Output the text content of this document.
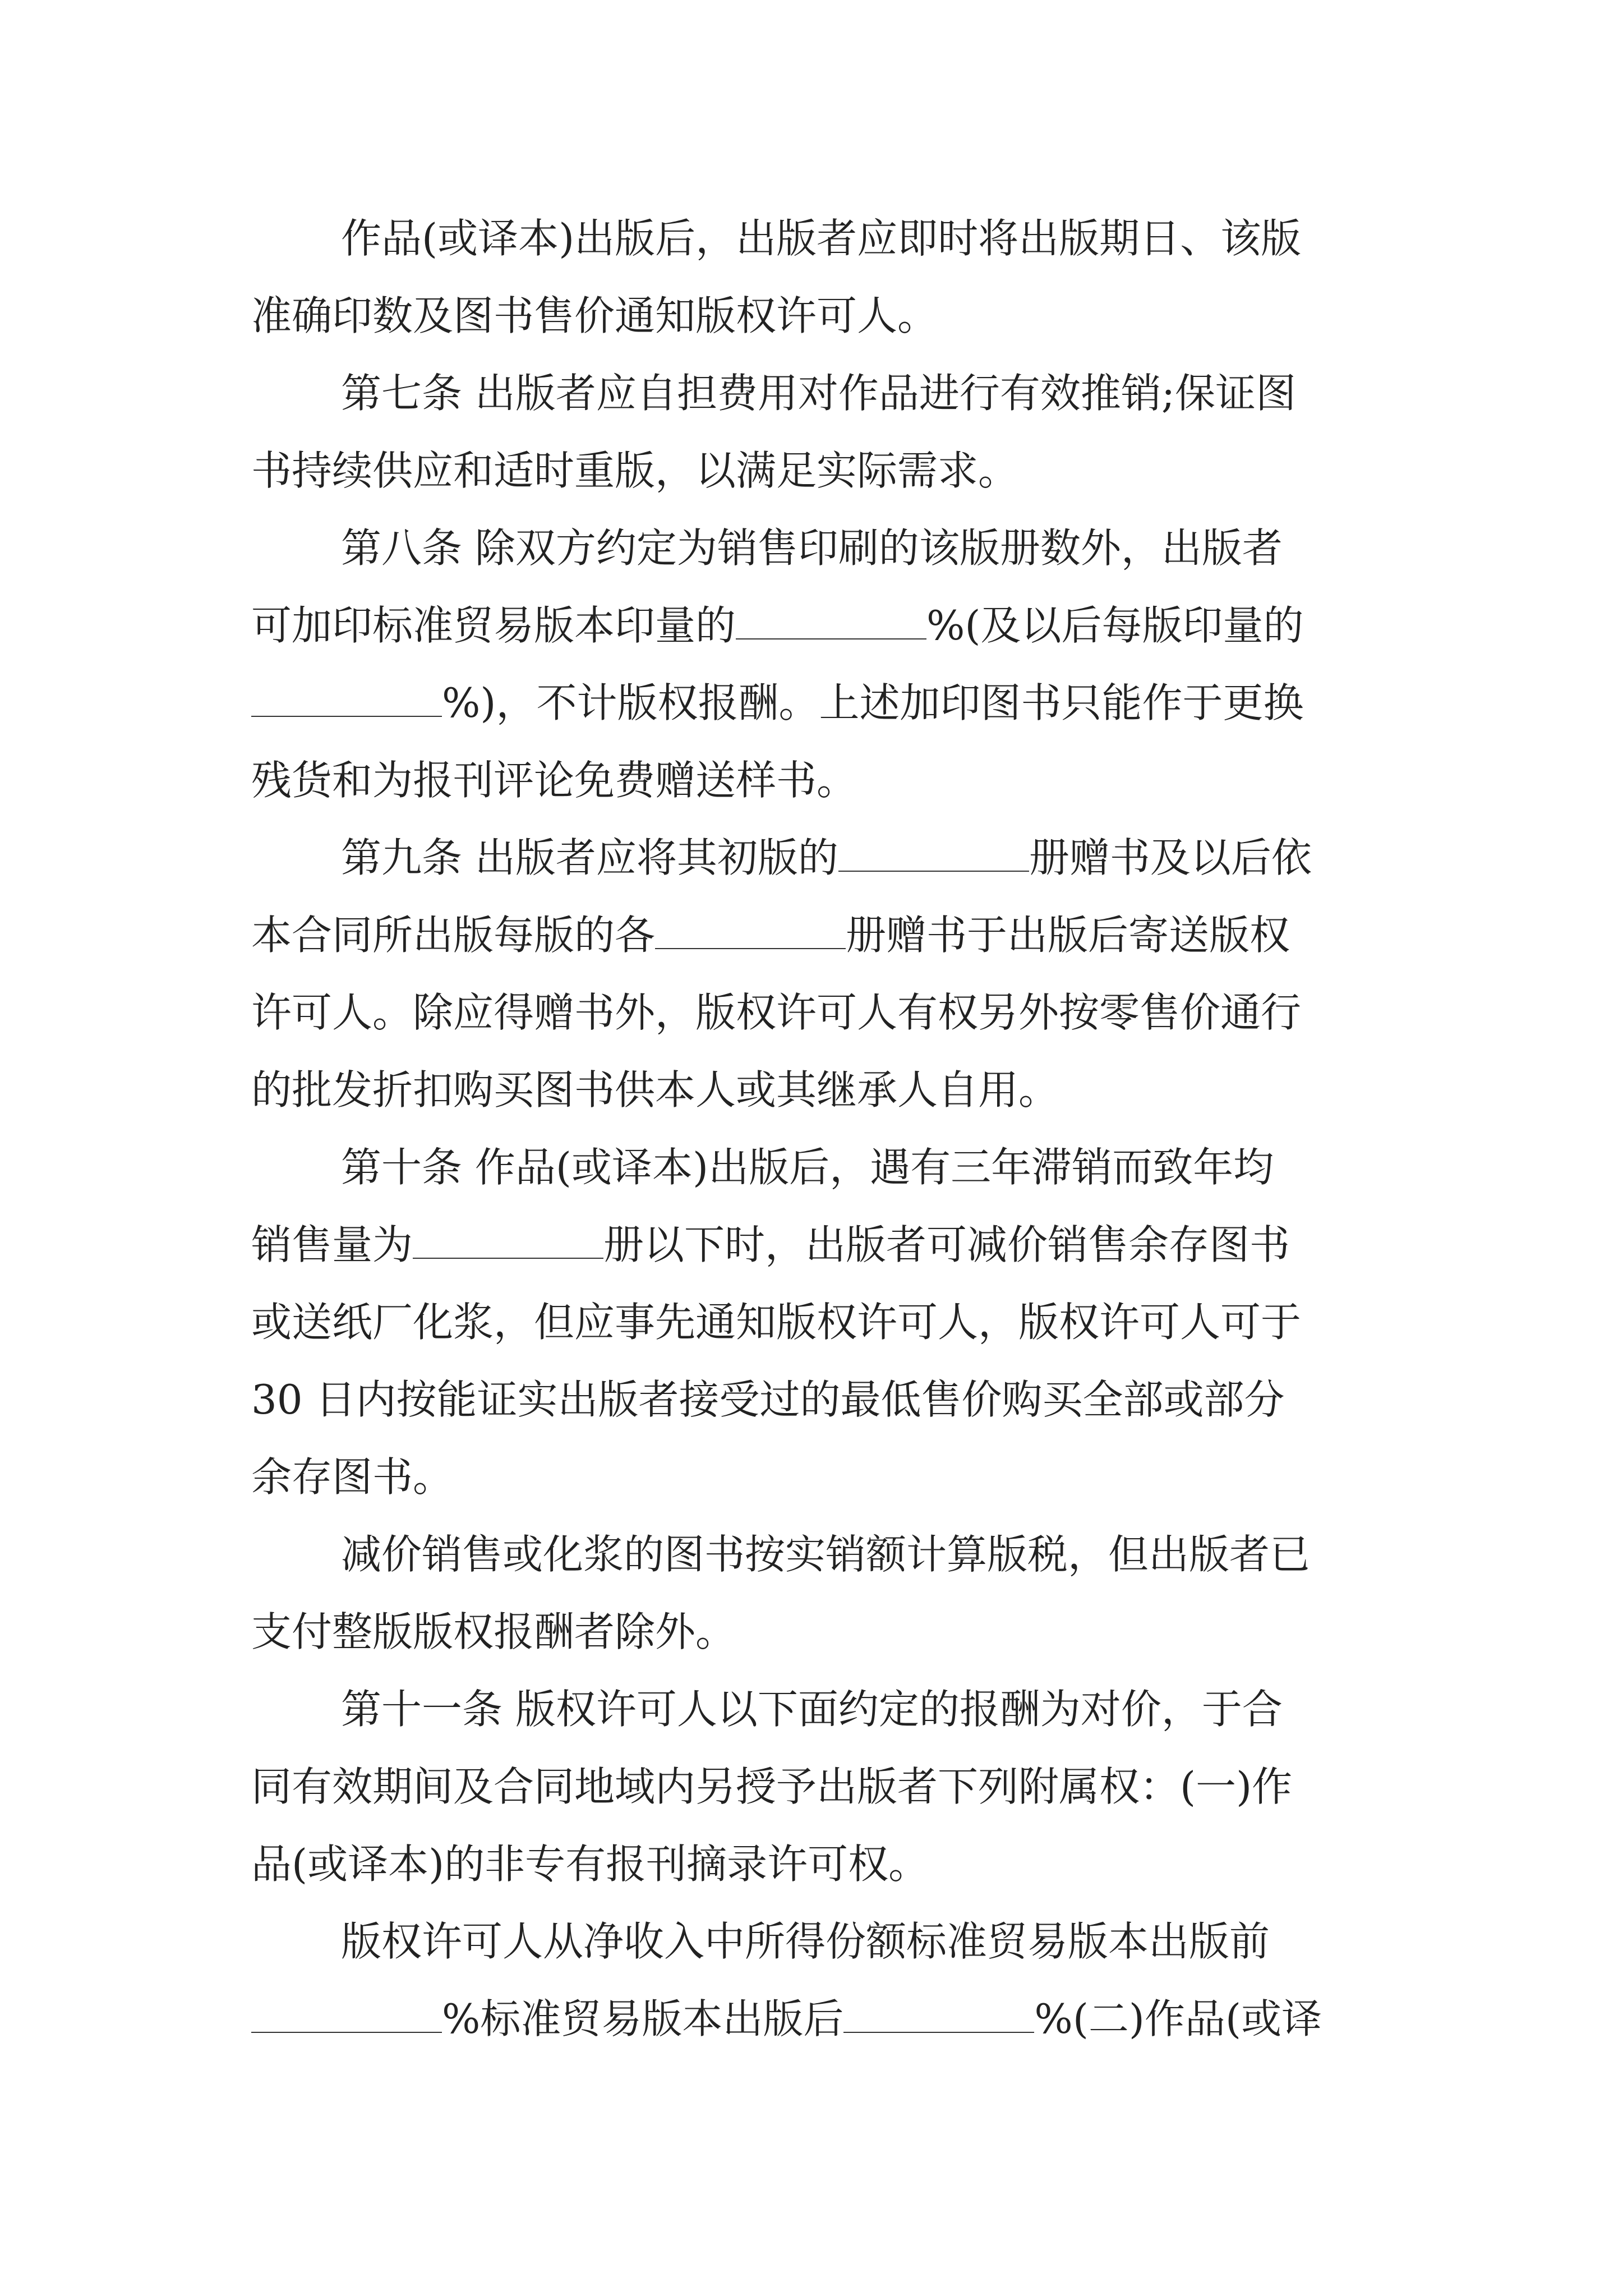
作品(或译本)出版后，出版者应即时将出版期日、该版

准确印数及图书售价通知版权许可人。

第七条 出版者应自担费用对作品进行有效推销;保证图

书持续供应和适时重版，以满足实际需求。

第八条 除双方约定为销售印刷的该版册数外，出版者

可加印标准贸易版本印量的	%(及以后每版印量的

%)，不计版权报酬。上述加印图书只能作于更换

残货和为报刊评论免费赠送样书。

第九条 出版者应将其初版的	册赠书及以后依

本合同所出版每版的各	册赠书于出版后寄送版权

许可人。除应得赠书外，版权许可人有权另外按零售价通行

的批发折扣购买图书供本人或其继承人自用。

第十条 作品(或译本)出版后，遇有三年滞销而致年均

销售量为	册以下时，出版者可减价销售余存图书

或送纸厂化浆，但应事先通知版权许可人，版权许可人可于

30 日内按能证实出版者接受过的最低售价购买全部或部分

余存图书。

减价销售或化浆的图书按实销额计算版税，但出版者已

支付整版版权报酬者除外。

第十一条 版权许可人以下面约定的报酬为对价，于合

同有效期间及合同地域内另授予出版者下列附属权：(一)作

品(或译本)的非专有报刊摘录许可权。

版权许可人从净收入中所得份额标准贸易版本出版前

%标准贸易版本出版后	%(二)作品(或译
